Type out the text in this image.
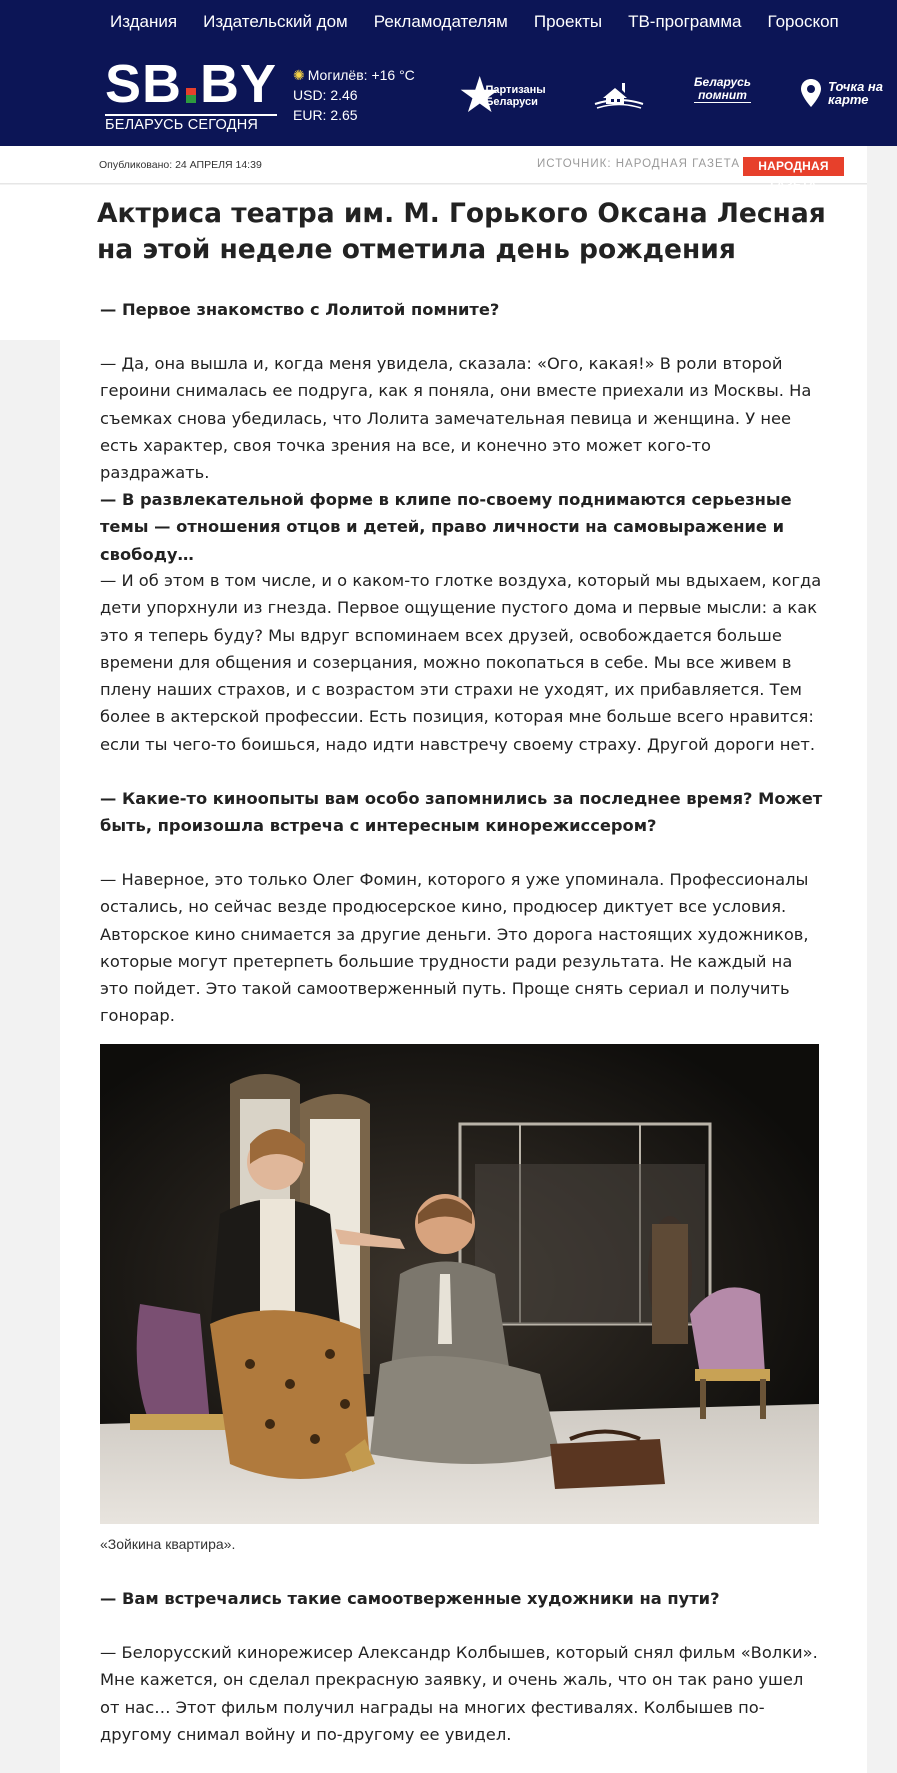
Издания Издательский дом Рекламодателям Проекты ТВ-программа Гороскоп
SB BY
БЕЛАРУСЬ СЕГОДНЯ
✺ Могилёв: +16 °C
USD: 2.46
EUR: 2.65	★
Партизаны
Беларуси
Беларусь
помнит
Точка на
карте
Опубликовано: 24 АПРЕЛЯ 14:39	ИСТОЧНИК: НАРОДНАЯ ГАЗЕТА	НАРОДНАЯ
Актриса театра им. М. Горького Оксана Лесная на этой неделе отметила день рождения

— Первое знакомство с Лолитой помните?

— Да, она вышла и, когда меня увидела, сказала: «Ого, какая!» В роли второй героини снималась ее подруга, как я поняла, они вместе приехали из Москвы. На съемках снова убедилась, что Лолита замечательная певица и женщина. У нее есть характер, своя точка зрения на все, и конечно это может кого-то раздражать.

— В развлекательной форме в клипе по-своему поднимаются серьезные темы — отношения отцов и детей, право личности на самовыражение и свободу…

— И об этом в том числе, и о каком-то глотке воздуха, который мы вдыхаем, когда дети упорхнули из гнезда. Первое ощущение пустого дома и первые мысли: а как это я теперь буду? Мы вдруг вспоминаем всех друзей, освобождается больше времени для общения и созерцания, можно покопаться в себе. Мы все живем в плену наших страхов, и с возрастом эти страхи не уходят, их прибавляется. Тем более в актерской профессии. Есть позиция, которая мне больше всего нравится: если ты чего-то боишься, надо идти навстречу своему страху. Другой дороги нет.

— Какие-то киноопыты вам особо запомнились за последнее время? Может быть, произошла встреча с интересным кинорежиссером?

— Наверное, это только Олег Фомин, которого я уже упоминала. Профессионалы остались, но сейчас везде продюсерское кино, продюсер диктует все условия. Авторское кино снимается за другие деньги. Это дорога настоящих художников, которые могут претерпеть большие трудности ради результата. Не каждый на это пойдет. Это такой самоотверженный путь. Проще снять сериал и получить гонорар.

«Зойкина квартира».

— Вам встречались такие самоотверженные художники на пути?

— Белорусский кинорежисер Александр Колбышев, который снял фильм «Волки». Мне кажется, он сделал прекрасную заявку, и очень жаль, что он так рано ушел от нас… Этот фильм получил награды на многих фестивалях. Колбышев по-другому снимал войну и по-другому ее увидел.
